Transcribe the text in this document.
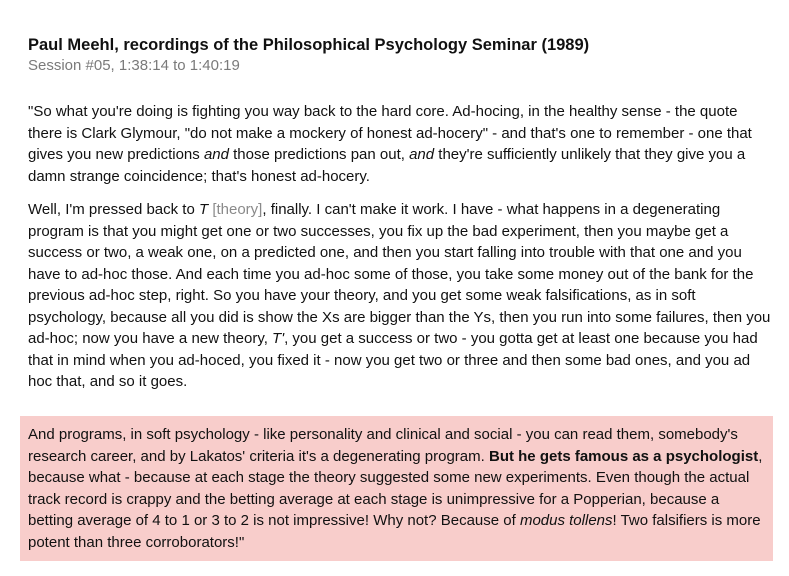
Paul Meehl, recordings of the Philosophical Psychology Seminar (1989)

Session #05, 1:38:14 to 1:40:19

"So what you're doing is fighting you way back to the hard core. Ad-hocing, in the healthy sense - the quote there is Clark Glymour, "do not make a mockery of honest ad-hocery" - and that's one to remember - one that gives you new predictions and those predictions pan out, and they're sufficiently unlikely that they give you a damn strange coincidence; that's honest ad-hocery.

Well, I'm pressed back to T [theory], finally. I can't make it work. I have - what happens in a degenerating program is that you might get one or two successes, you fix up the bad experiment, then you maybe get a success or two, a weak one, on a predicted one, and then you start falling into trouble with that one and you have to ad-hoc those. And each time you ad-hoc some of those, you take some money out of the bank for the previous ad-hoc step, right. So you have your theory, and you get some weak falsifications, as in soft psychology, because all you did is show the Xs are bigger than the Ys, then you run into some failures, then you ad-hoc; now you have a new theory, T', you get a success or two - you gotta get at least one because you had that in mind when you ad-hoced, you fixed it - now you get two or three and then some bad ones, and you ad hoc that, and so it goes.

And programs, in soft psychology - like personality and clinical and social - you can read them, somebody's research career, and by Lakatos' criteria it's a degenerating program. But he gets famous as a psychologist, because what - because at each stage the theory suggested some new experiments. Even though the actual track record is crappy and the betting average at each stage is unimpressive for a Popperian, because a betting average of 4 to 1 or 3 to 2 is not impressive! Why not? Because of modus tollens! Two falsifiers is more potent than three corroborators!"
